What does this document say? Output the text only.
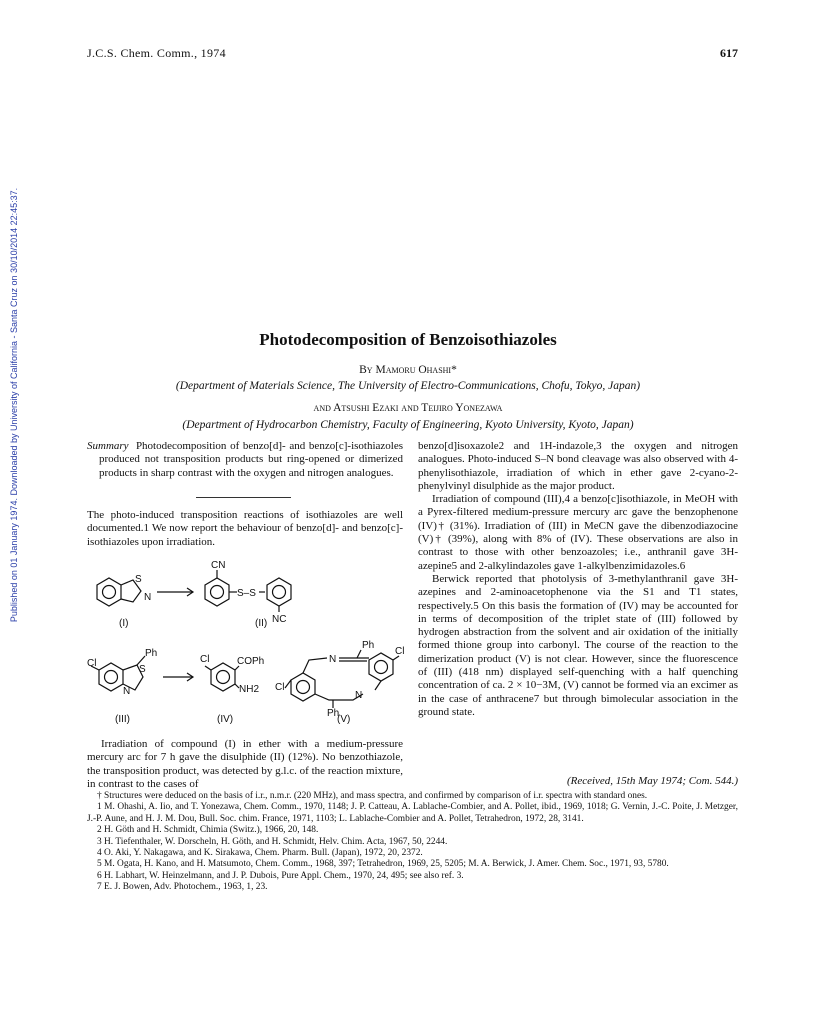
J.C.S. Chem. Comm., 1974	617
Published on 01 January 1974. Downloaded by University of California - Santa Cruz on 30/10/2014 22:45:37.	Photodecomposition of Benzoisothiazoles
By Mamoru Ohashi*
(Department of Materials Science, The University of Electro-Communications, Chofu, Tokyo, Japan)
and Atsushi Ezaki and Teijiro Yonezawa
(Department of Hydrocarbon Chemistry, Faculty of Engineering, Kyoto University, Kyoto, Japan)

Summary Photodecomposition of benzo[d]- and benzo[c]-isothiazoles produced not transposition products but ring-opened or dimerized products in sharp contrast with the oxygen and nitrogen analogues.

The photo-induced transposition reactions of isothiazoles are well documented.1 We now report the behaviour of benzo[d]- and benzo[c]-isothiazoles upon irradiation.

S
N
CN
S–S
NC
Ph
Cl
S
N
Cl	COPh
NH2
Ph
N
N
Ph
Cl
Cl
(I)	(II)
(III)	(IV)	(V)

Irradiation of compound (I) in ether with a medium-pressure mercury arc for 7 h gave the disulphide (II) (12%). No benzothiazole, the transposition product, was detected by g.l.c. of the reaction mixture, in contrast to the cases of

benzo[d]isoxazole2 and 1H-indazole,3 the oxygen and nitrogen analogues. Photo-induced S–N bond cleavage was also observed with 4-phenylisothiazole, irradiation of which in ether gave 2-cyano-2-phenylvinyl disulphide as the major product.

Irradiation of compound (III),4 a benzo[c]isothiazole, in MeOH with a Pyrex-filtered medium-pressure mercury arc gave the benzophenone (IV)† (31%). Irradiation of (III) in MeCN gave the dibenzodiazocine (V)† (39%), along with 8% of (IV). These observations are also in contrast to those with other benzoazoles; i.e., anthranil gave 3H-azepine5 and 2-alkylindazoles gave 1-alkylbenzimidazoles.6

Berwick reported that photolysis of 3-methylanthranil gave 3H-azepines and 2-aminoacetophenone via the S1 and T1 states, respectively.5 On this basis the formation of (IV) may be accounted for in terms of decomposition of the triplet state of (III) followed by hydrogen abstraction from the solvent and air oxidation of the initially formed thione group into carbonyl. The course of the reaction to the dimerization product (V) is not clear. However, since the fluorescence of (III) (418 nm) displayed self-quenching with a half quenching concentration of ca. 2 × 10−3M, (V) cannot be formed via an excimer as in the case of anthracene7 but through bimolecular association in the ground state.

(Received, 15th May 1974; Com. 544.)

† Structures were deduced on the basis of i.r., n.m.r. (220 MHz), and mass spectra, and confirmed by comparison of i.r. spectra with standard ones.

1 M. Ohashi, A. Iio, and T. Yonezawa, Chem. Comm., 1970, 1148; J. P. Catteau, A. Lablache-Combier, and A. Pollet, ibid., 1969, 1018; G. Vernin, J.-C. Poite, J. Metzger, J.-P. Aune, and H. J. M. Dou, Bull. Soc. chim. France, 1971, 1103; L. Lablache-Combier and A. Pollet, Tetrahedron, 1972, 28, 3141.

2 H. Göth and H. Schmidt, Chimia (Switz.), 1966, 20, 148.

3 H. Tiefenthaler, W. Dorscheln, H. Göth, and H. Schmidt, Helv. Chim. Acta, 1967, 50, 2244.

4 O. Aki, Y. Nakagawa, and K. Sirakawa, Chem. Pharm. Bull. (Japan), 1972, 20, 2372.

5 M. Ogata, H. Kano, and H. Matsumoto, Chem. Comm., 1968, 397; Tetrahedron, 1969, 25, 5205; M. A. Berwick, J. Amer. Chem. Soc., 1971, 93, 5780.

6 H. Labhart, W. Heinzelmann, and J. P. Dubois, Pure Appl. Chem., 1970, 24, 495; see also ref. 3.

7 E. J. Bowen, Adv. Photochem., 1963, 1, 23.
